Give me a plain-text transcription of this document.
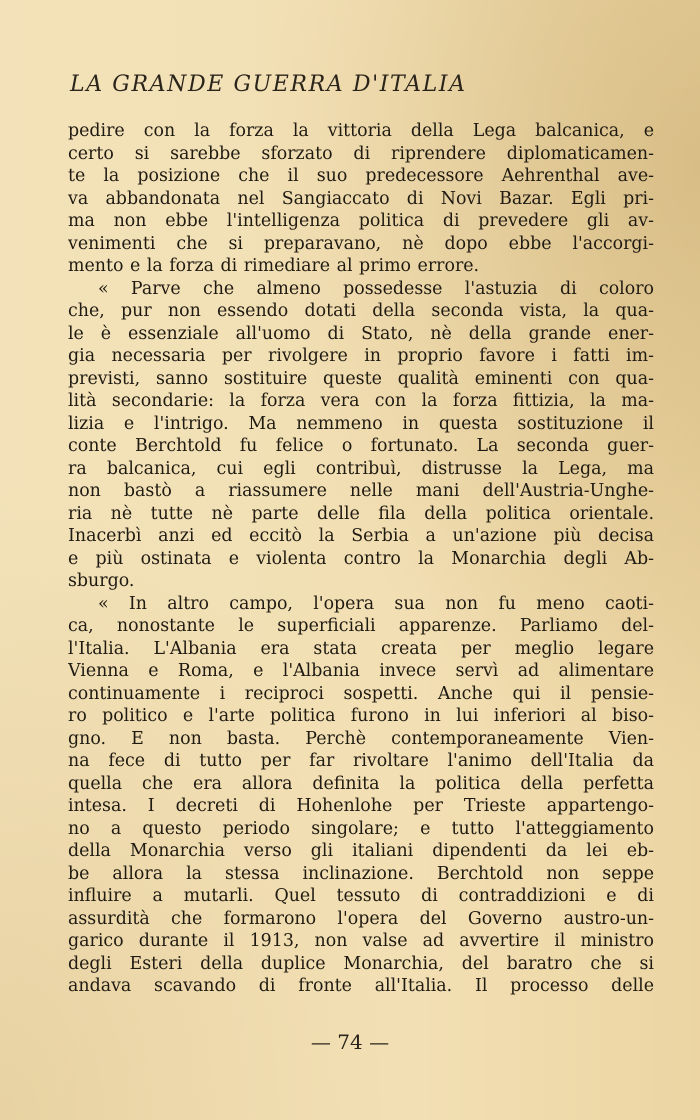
LA GRANDE GUERRA D'ITALIA
pedire con la forza la vittoria della Lega balcanica, e
certo si sarebbe sforzato di riprendere diplomaticamen-
te la posizione che il suo predecessore Aehrenthal ave-
va abbandonata nel Sangiaccato di Novi Bazar. Egli pri-
ma non ebbe l'intelligenza politica di prevedere gli av-
venimenti che si preparavano, nè dopo ebbe l'accorgi-
mento e la forza di rimediare al primo errore.
« Parve che almeno possedesse l'astuzia di coloro
che, pur non essendo dotati della seconda vista, la qua-
le è essenziale all'uomo di Stato, nè della grande ener-
gia necessaria per rivolgere in proprio favore i fatti im-
previsti, sanno sostituire queste qualità eminenti con qua-
lità secondarie: la forza vera con la forza fittizia, la ma-
lizia e l'intrigo. Ma nemmeno in questa sostituzione il
conte Berchtold fu felice o fortunato. La seconda guer-
ra balcanica, cui egli contribuì, distrusse la Lega, ma
non bastò a riassumere nelle mani dell'Austria-Unghe-
ria nè tutte nè parte delle fila della politica orientale.
Inacerbì anzi ed eccitò la Serbia a un'azione più decisa
e più ostinata e violenta contro la Monarchia degli Ab-
sburgo.
« In altro campo, l'opera sua non fu meno caoti-
ca, nonostante le superficiali apparenze. Parliamo del-
l'Italia. L'Albania era stata creata per meglio legare
Vienna e Roma, e l'Albania invece servì ad alimentare
continuamente i reciproci sospetti. Anche qui il pensie-
ro politico e l'arte politica furono in lui inferiori al biso-
gno. E non basta. Perchè contemporaneamente Vien-
na fece di tutto per far rivoltare l'animo dell'Italia da
quella che era allora definita la politica della perfetta
intesa. I decreti di Hohenlohe per Trieste appartengo-
no a questo periodo singolare; e tutto l'atteggiamento
della Monarchia verso gli italiani dipendenti da lei eb-
be allora la stessa inclinazione. Berchtold non seppe
influire a mutarli. Quel tessuto di contraddizioni e di
assurdità che formarono l'opera del Governo austro-un-
garico durante il 1913, non valse ad avvertire il ministro
degli Esteri della duplice Monarchia, del baratro che si
andava scavando di fronte all'Italia. Il processo delle

— 74 —
